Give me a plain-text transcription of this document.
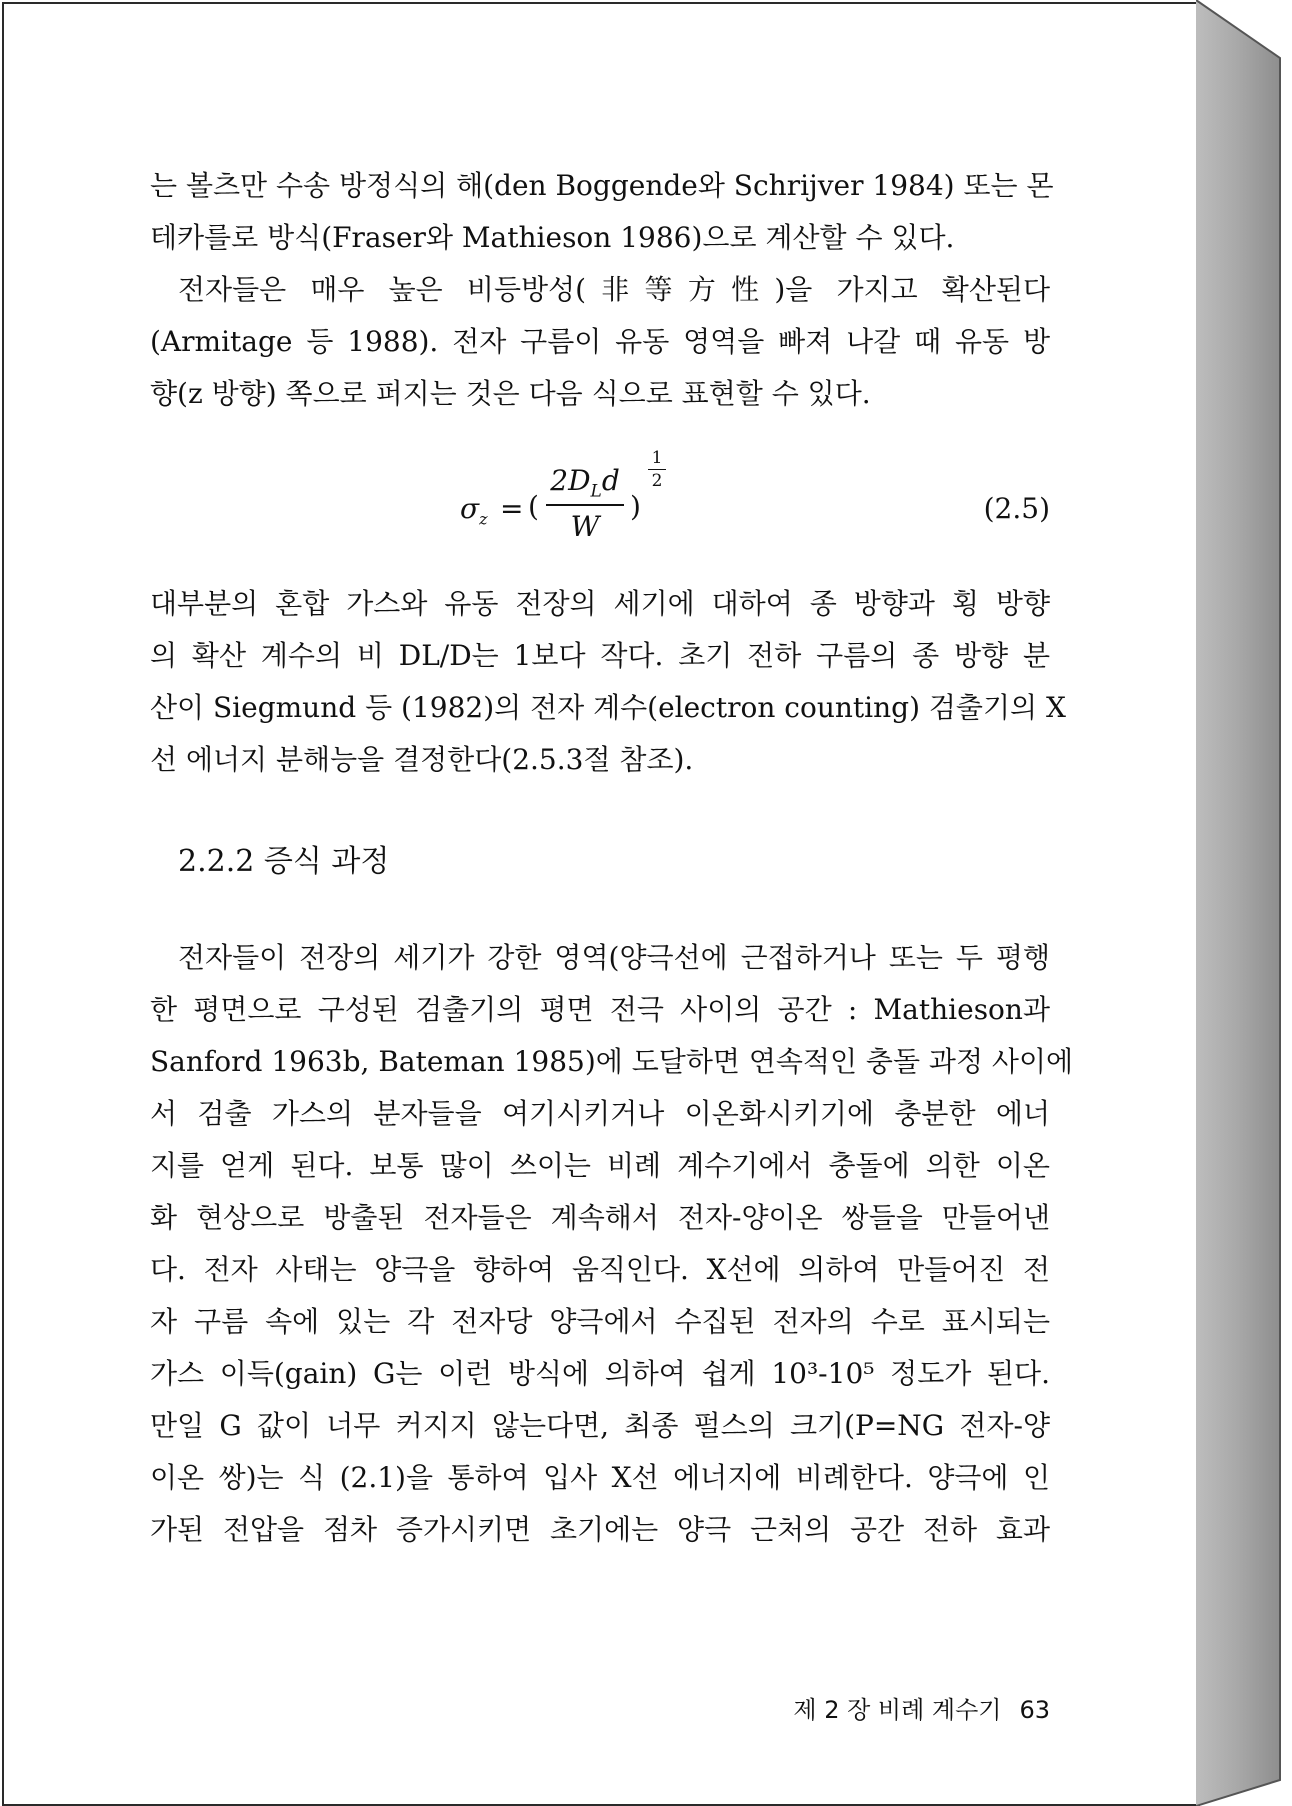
는 볼츠만 수송 방정식의 해(den Boggende와 Schrijver 1984) 또는 몬
테카를로 방식(Fraser와 Mathieson 1986)으로 계산할 수 있다.
전자들은 매우 높은 비등방성(非等方性)을 가지고 확산된다
(Armitage 등 1988). 전자 구름이 유동 영역을 빠져 나갈 때 유동 방
향(z 방향) 쪽으로 퍼지는 것은 다음 식으로 표현할 수 있다.
$\sigma_z$ = (
$2D_Ld$
W
)
1
2
(2.5)
대부분의 혼합 가스와 유동 전장의 세기에 대하여 종 방향과 횡 방향
의 확산 계수의 비 DL/D는 1보다 작다. 초기 전하 구름의 종 방향 분
산이 Siegmund 등 (1982)의 전자 계수(electron counting) 검출기의 X
선 에너지 분해능을 결정한다(2.5.3절 참조).
2.2.2 증식 과정
전자들이 전장의 세기가 강한 영역(양극선에 근접하거나 또는 두 평행
한 평면으로 구성된 검출기의 평면 전극 사이의 공간 : Mathieson과
Sanford 1963b, Bateman 1985)에 도달하면 연속적인 충돌 과정 사이에
서 검출 가스의 분자들을 여기시키거나 이온화시키기에 충분한 에너
지를 얻게 된다. 보통 많이 쓰이는 비례 계수기에서 충돌에 의한 이온
화 현상으로 방출된 전자들은 계속해서 전자-양이온 쌍들을 만들어낸
다. 전자 사태는 양극을 향하여 움직인다. X선에 의하여 만들어진 전
자 구름 속에 있는 각 전자당 양극에서 수집된 전자의 수로 표시되는
가스 이득(gain) G는 이런 방식에 의하여 쉽게 10³-10⁵ 정도가 된다.
만일 G 값이 너무 커지지 않는다면, 최종 펄스의 크기(P=NG 전자-양
이온 쌍)는 식 (2.1)을 통하여 입사 X선 에너지에 비례한다. 양극에 인
가된 전압을 점차 증가시키면 초기에는 양극 근처의 공간 전하 효과
제 2 장 비례 계수기 63
